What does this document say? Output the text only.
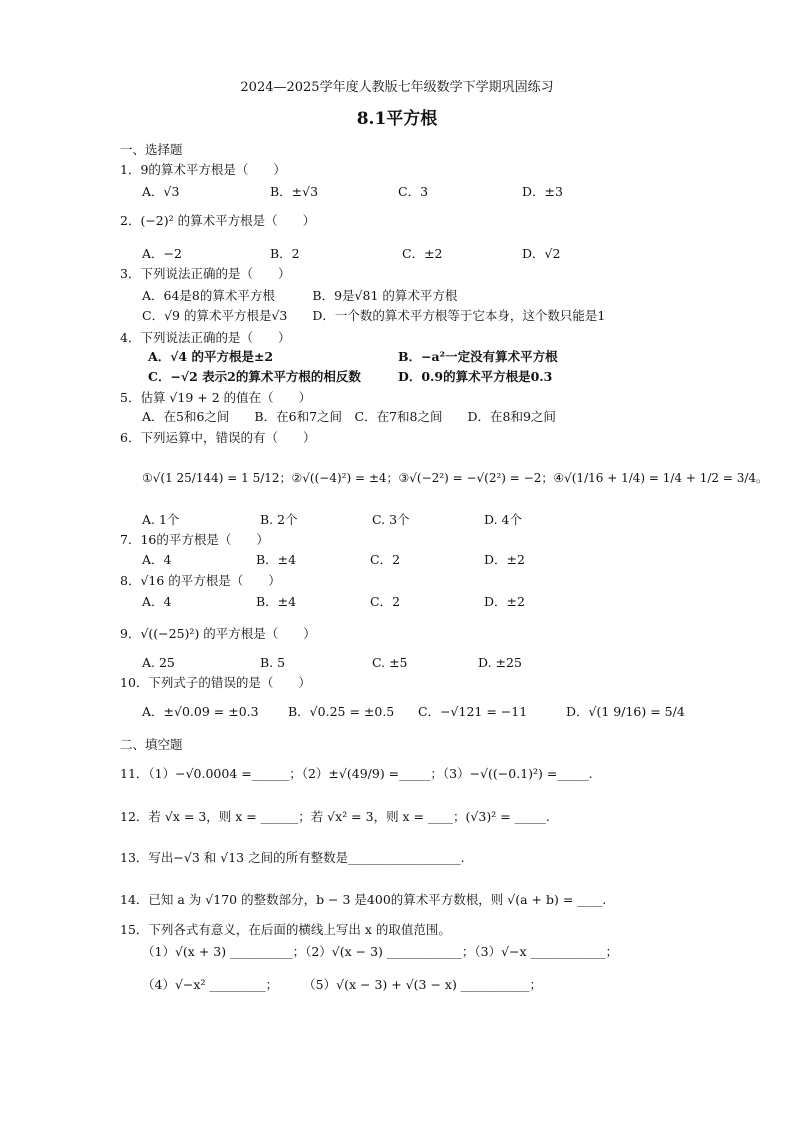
2024—2025学年度人教版七年级数学下学期巩固练习
8.1平方根
一、选择题
1．9的算术平方根是（　　）
A．√3	B．±√3	C．3	D．±3
2．(−2)² 的算术平方根是（　　）
A．−2	B．2	C．±2	D．√2
3．下列说法正确的是（　　）
A．64是8的算术平方根　　　B．9是√81 的算术平方根
C．√9 的算术平方根是√3　　D．一个数的算术平方根等于它本身，这个数只能是1
4．下列说法正确的是（　　）
A．√4 的平方根是±2	B．−a²一定没有算术平方根
C．−√2 表示2的算术平方根的相反数	D．0.9的算术平方根是0.3
5．估算 √19 + 2 的值在（　　）
A．在5和6之间　　B．在6和7之间　C．在7和8之间　　D．在8和9之间
6．下列运算中，错误的有（　　）
①√(1 25/144) = 1 5/12；②√((−4)²) = ±4；③√(−2²) = −√(2²) = −2；④√(1/16 + 1/4) = 1/4 + 1/2 = 3/4。
A. 1个	B. 2个	C. 3个	D. 4个
7．16的平方根是（　　）
A．4	B．±4	C．2	D．±2
8．√16 的平方根是（　　）
A．4	B．±4	C．2	D．±2
9．√((−25)²) 的平方根是（　　）
A. 25	B. 5	C. ±5	D. ±25
10．下列式子的错误的是（　　）
A．±√0.09 = ±0.3 B．√0.25 = ±0.5 C．−√121 = −11	D．√(1 9/16) = 5/4
二、填空题
11．（1）−√0.0004 =______；（2）±√(49/9) =_____；（3）−√((−0.1)²) =_____.
12．若 √x = 3，则 x = ______；若 √x² = 3，则 x = ____；(√3)² = _____.
13．写出−√3 和 √13 之间的所有整数是__________________.
14．已知 a 为 √170 的整数部分，b − 3 是400的算术平方数根，则 √(a + b) = ____.
15．下列各式有意义，在后面的横线上写出 x 的取值范围。
（1）√(x + 3) __________；（2）√(x − 3) ____________；（3）√−x ____________；
（4）√−x² _________；　　　（5）√(x − 3) + √(3 − x) ___________；
